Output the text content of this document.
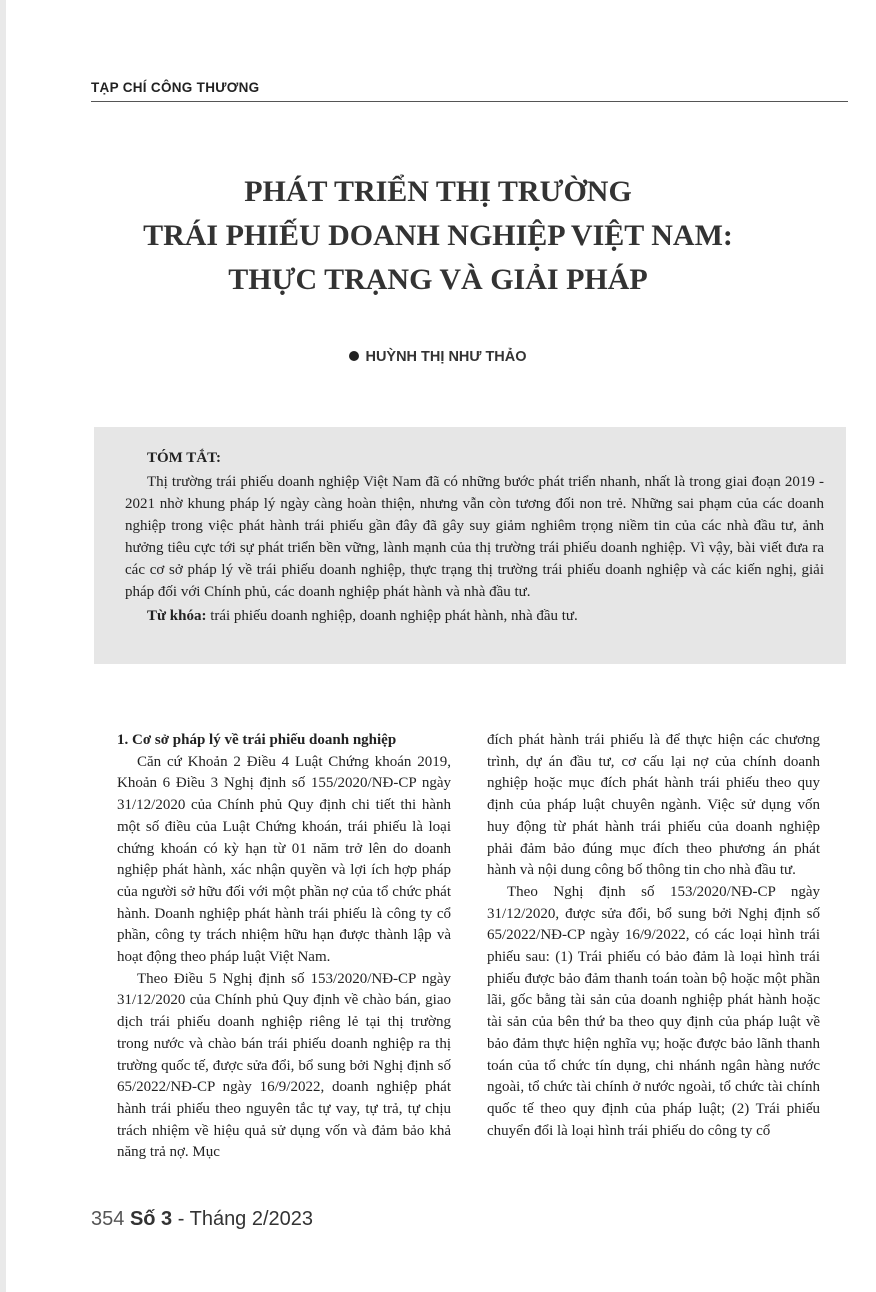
TẠP CHÍ CÔNG THƯƠNG
PHÁT TRIỂN THỊ TRƯỜNG
TRÁI PHIẾU DOANH NGHIỆP VIỆT NAM:
THỰC TRẠNG VÀ GIẢI PHÁP
HUỲNH THỊ NHƯ THẢO
TÓM TẮT:

Thị trường trái phiếu doanh nghiệp Việt Nam đã có những bước phát triển nhanh, nhất là trong giai đoạn 2019 - 2021 nhờ khung pháp lý ngày càng hoàn thiện, nhưng vẫn còn tương đối non trẻ. Những sai phạm của các doanh nghiệp trong việc phát hành trái phiếu gần đây đã gây suy giảm nghiêm trọng niềm tin của các nhà đầu tư, ảnh hưởng tiêu cực tới sự phát triển bền vững, lành mạnh của thị trường trái phiếu doanh nghiệp. Vì vậy, bài viết đưa ra các cơ sở pháp lý về trái phiếu doanh nghiệp, thực trạng thị trường trái phiếu doanh nghiệp và các kiến nghị, giải pháp đối với Chính phủ, các doanh nghiệp phát hành và nhà đầu tư.

Từ khóa: trái phiếu doanh nghiệp, doanh nghiệp phát hành, nhà đầu tư.

1. Cơ sở pháp lý về trái phiếu doanh nghiệp

Căn cứ Khoản 2 Điều 4 Luật Chứng khoán 2019, Khoản 6 Điều 3 Nghị định số 155/2020/NĐ-CP ngày 31/12/2020 của Chính phủ Quy định chi tiết thi hành một số điều của Luật Chứng khoán, trái phiếu là loại chứng khoán có kỳ hạn từ 01 năm trở lên do doanh nghiệp phát hành, xác nhận quyền và lợi ích hợp pháp của người sở hữu đối với một phần nợ của tổ chức phát hành. Doanh nghiệp phát hành trái phiếu là công ty cổ phần, công ty trách nhiệm hữu hạn được thành lập và hoạt động theo pháp luật Việt Nam.

Theo Điều 5 Nghị định số 153/2020/NĐ-CP ngày 31/12/2020 của Chính phủ Quy định về chào bán, giao dịch trái phiếu doanh nghiệp riêng lẻ tại thị trường trong nước và chào bán trái phiếu doanh nghiệp ra thị trường quốc tế, được sửa đổi, bổ sung bởi Nghị định số 65/2022/NĐ-CP ngày 16/9/2022, doanh nghiệp phát hành trái phiếu theo nguyên tắc tự vay, tự trả, tự chịu trách nhiệm về hiệu quả sử dụng vốn và đảm bảo khả năng trả nợ. Mục

đích phát hành trái phiếu là để thực hiện các chương trình, dự án đầu tư, cơ cấu lại nợ của chính doanh nghiệp hoặc mục đích phát hành trái phiếu theo quy định của pháp luật chuyên ngành. Việc sử dụng vốn huy động từ phát hành trái phiếu của doanh nghiệp phải đảm bảo đúng mục đích theo phương án phát hành và nội dung công bố thông tin cho nhà đầu tư.

Theo Nghị định số 153/2020/NĐ-CP ngày 31/12/2020, được sửa đổi, bổ sung bởi Nghị định số 65/2022/NĐ-CP ngày 16/9/2022, có các loại hình trái phiếu sau: (1) Trái phiếu có bảo đảm là loại hình trái phiếu được bảo đảm thanh toán toàn bộ hoặc một phần lãi, gốc bằng tài sản của doanh nghiệp phát hành hoặc tài sản của bên thứ ba theo quy định của pháp luật về bảo đảm thực hiện nghĩa vụ; hoặc được bảo lãnh thanh toán của tổ chức tín dụng, chi nhánh ngân hàng nước ngoài, tổ chức tài chính ở nước ngoài, tổ chức tài chính quốc tế theo quy định của pháp luật; (2) Trái phiếu chuyển đổi là loại hình trái phiếu do công ty cổ

354 Số 3 - Tháng 2/2023
